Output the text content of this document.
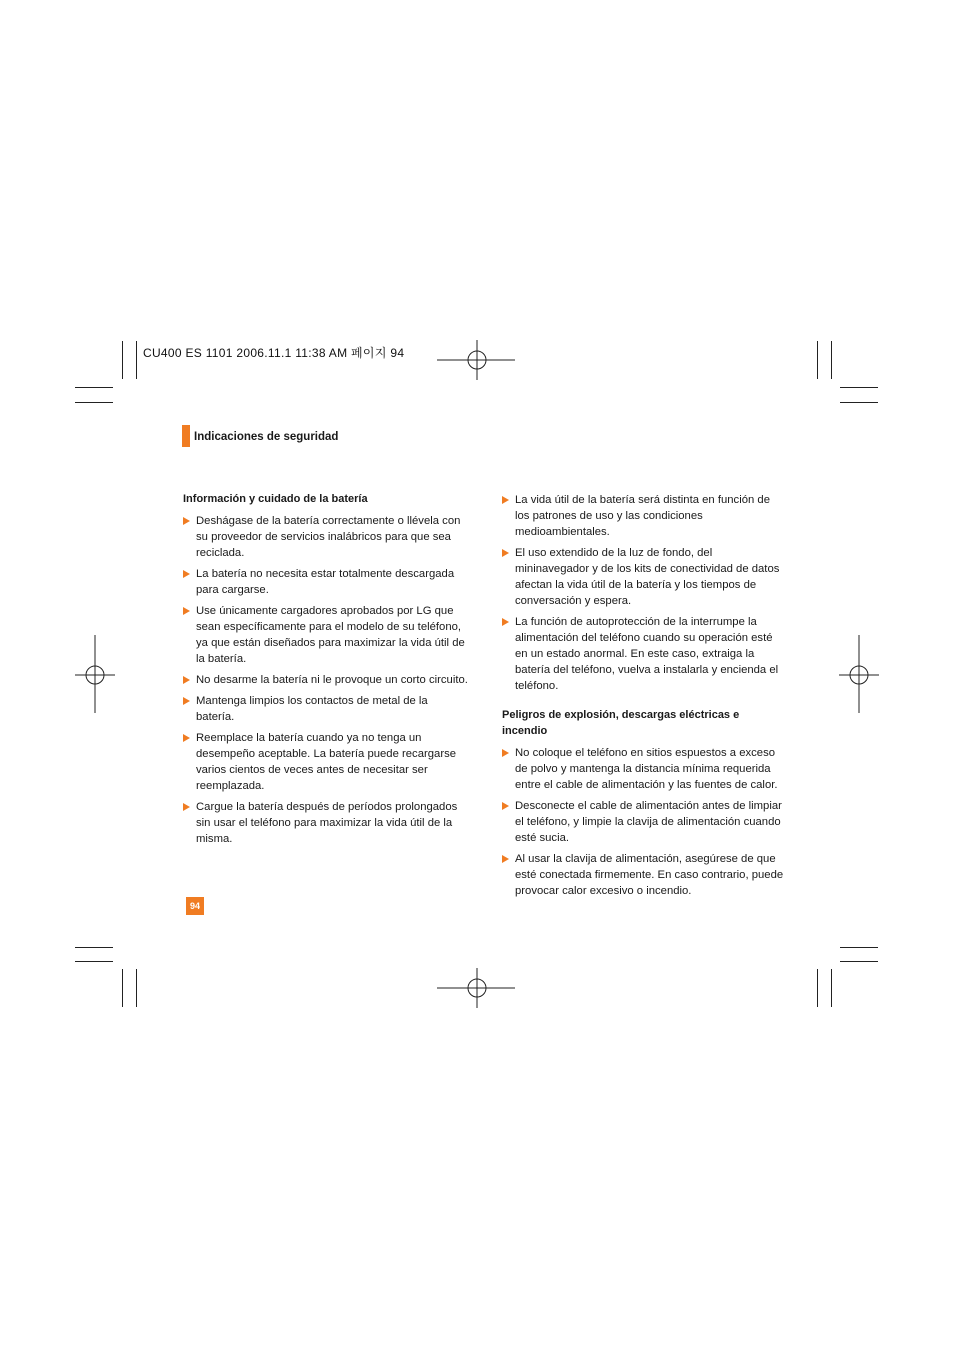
CU400 ES 1101 2006.11.1 11:38 AM 페이지 94
Indicaciones de seguridad
Información y cuidado de la batería
Deshágase de la batería correctamente o llévela con su proveedor de servicios inalábricos para que sea reciclada.
La batería no necesita estar totalmente descargada para cargarse.
Use únicamente cargadores aprobados por LG que sean específicamente para el modelo de su teléfono, ya que están diseñados para maximizar la vida útil de la batería.
No desarme la batería ni le provoque un corto circuito.
Mantenga limpios los contactos de metal de la batería.
Reemplace la batería cuando ya no tenga un desempeño aceptable. La batería puede recargarse varios cientos de veces antes de necesitar ser reemplazada.
Cargue la batería después de períodos prolongados sin usar el teléfono para maximizar la vida útil de la misma.
La vida útil de la batería será distinta en función de los patrones de uso y las condiciones medioambientales.
El uso extendido de la luz de fondo, del mininavegador y de los kits de conectividad de datos afectan la vida útil de la batería y los tiempos de conversación y espera.
La función de autoprotección de la interrumpe la alimentación del teléfono cuando su operación esté en un estado anormal. En este caso, extraiga la batería del teléfono, vuelva a instalarla y encienda el teléfono.
Peligros de explosión, descargas eléctricas e incendio
No coloque el teléfono en sitios espuestos a exceso de polvo y mantenga la distancia mínima requerida entre el cable de alimentación y las fuentes de calor.
Desconecte el cable de alimentación antes de limpiar el teléfono, y limpie la clavija de alimentación cuando esté sucia.
Al usar la clavija de alimentación, asegúrese de que esté conectada firmemente. En caso contrario, puede provocar calor excesivo o incendio.
94
